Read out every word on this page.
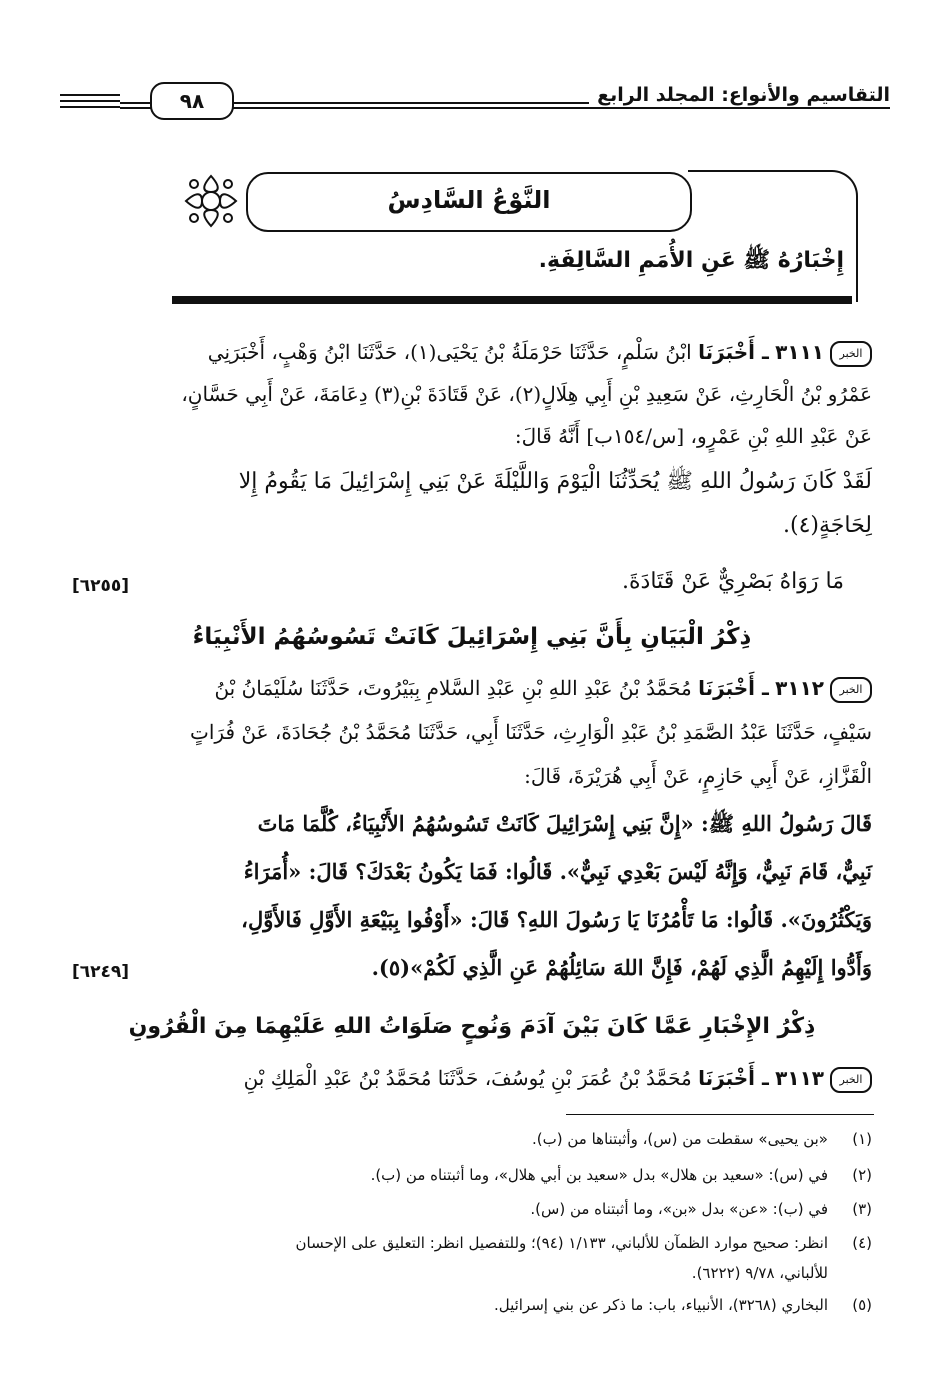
٩٨	التقاسيم والأنواع: المجلد الرابع
النَّوْعُ السَّادِسُ
إِخْبَارُهُ ﷺ عَنِ الأُمَمِ السَّالِفَةِ.
الخبر٣١١١ ـ أَخْبَرَنَا ابْنُ سَلْمٍ، حَدَّثَنَا حَرْمَلَةُ بْنُ يَحْيَى(١)، حَدَّثَنَا ابْنُ وَهْبٍ، أَخْبَرَنِي
عَمْرُو بْنُ الْحَارِثِ، عَنْ سَعِيدِ بْنِ أَبِي هِلَالٍ(٢)، عَنْ قَتَادَةَ بْنِ(٣) دِعَامَةَ، عَنْ أَبِي حَسَّانٍ،
عَنْ عَبْدِ اللهِ بْنِ عَمْرٍو، [س/١٥٤ب] أَنَّهُ قَالَ:
لَقَدْ كَانَ رَسُولُ اللهِ ﷺ يُحَدِّثُنَا الْيَوْمَ وَاللَّيْلَةَ عَنْ بَنِي إِسْرَائِيلَ مَا يَقُومُ إِلا
لِحَاجَةٍ(٤).
مَا رَوَاهُ بَصْرِيٌّ عَنْ قَتَادَةَ.
[٦٢٥٥]
ذِكْرُ الْبَيَانِ بِأَنَّ بَنِي إِسْرَائِيلَ كَانَتْ تَسُوسُهُمُ الأَنْبِيَاءُ
الخبر٣١١٢ ـ أَخْبَرَنَا مُحَمَّدُ بْنُ عَبْدِ اللهِ بْنِ عَبْدِ السَّلامِ بِبَيْرُوتَ، حَدَّثَنَا سُلَيْمَانُ بْنُ
سَيْفٍ، حَدَّثَنَا عَبْدُ الصَّمَدِ بْنُ عَبْدِ الْوَارِثِ، حَدَّثَنَا أَبِي، حَدَّثَنَا مُحَمَّدُ بْنُ جُحَادَةَ، عَنْ فُرَاتٍ
الْقَزَّازِ، عَنْ أَبِي حَازِمٍ، عَنْ أَبِي هُرَيْرَةَ، قَالَ:
قَالَ رَسُولُ اللهِ ﷺ: «إِنَّ بَنِي إِسْرَائِيلَ كَانَتْ تَسُوسُهُمُ الأَنْبِيَاءُ، كُلَّمَا مَاتَ
نَبِيٌّ، قَامَ نَبِيٌّ، وَإِنَّهُ لَيْسَ بَعْدِي نَبِيٌّ». قَالُوا: فَمَا يَكُونُ بَعْدَكَ؟ قَالَ: «أُمَرَاءُ
وَيَكْثُرُونَ». قَالُوا: مَا تَأْمُرُنَا يَا رَسُولَ اللهِ؟ قَالَ: «أَوْفُوا بِبَيْعَةِ الأَوَّلِ فَالأَوَّلِ،
وَأَدُّوا إِلَيْهِمُ الَّذِي لَهُمْ، فَإِنَّ اللهَ سَائِلُهُمْ عَنِ الَّذِي لَكُمْ»(٥).
[٦٢٤٩]
ذِكْرُ الإِخْبَارِ عَمَّا كَانَ بَيْنَ آدَمَ وَنُوحٍ صَلَوَاتُ اللهِ عَلَيْهِمَا مِنَ الْقُرُونِ
الخبر٣١١٣ ـ أَخْبَرَنَا مُحَمَّدُ بْنُ عُمَرَ بْنِ يُوسُفَ، حَدَّثَنَا مُحَمَّدُ بْنُ عَبْدِ الْمَلِكِ بْنِ
(١)«بن يحيى» سقطت من (س)، وأثبتناها من (ب).
(٢)في (س): «سعيد بن هلال» بدل «سعيد بن أبي هلال»، وما أثبتناه من (ب).
(٣)في (ب): «عن» بدل «بن»، وما أثبتناه من (س).
(٤)انظر: صحيح موارد الظمآن للألباني، ١/١٣٣ (٩٤)؛ وللتفصيل انظر: التعليق على الإحسان
للألباني، ٩/٧٨ (٦٢٢٢).
(٥)البخاري (٣٢٦٨)، الأنبياء، باب: ما ذكر عن بني إسرائيل.
